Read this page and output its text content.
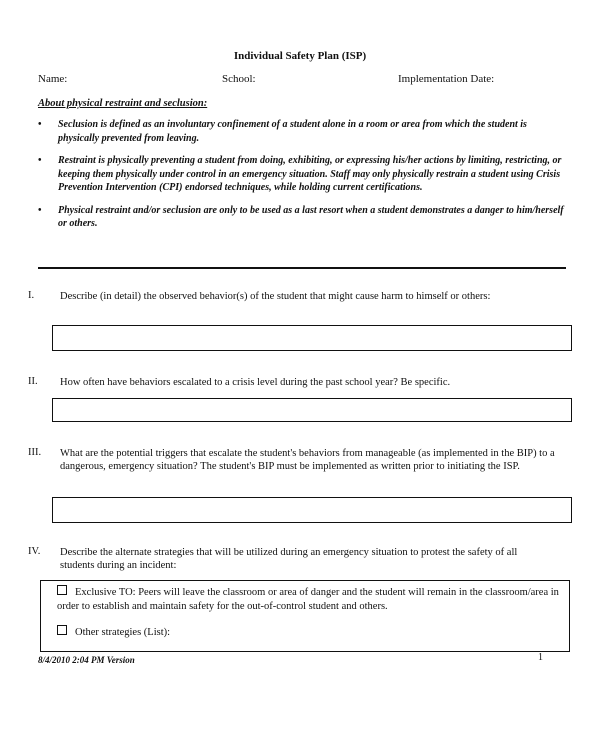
Individual Safety Plan (ISP)
Name:	School:	Implementation Date:
About physical restraint and seclusion:
• Seclusion is defined as an involuntary confinement of a student alone in a room or area from which the student is physically prevented from leaving.
• Restraint is physically preventing a student from doing, exhibiting, or expressing his/her actions by limiting, restricting, or keeping them physically under control in an emergency situation. Staff may only physically restrain a student using Crisis Prevention Intervention (CPI) endorsed techniques, while holding current certifications.
• Physical restraint and/or seclusion are only to be used as a last resort when a student demonstrates a danger to him/herself or others.
I. Describe (in detail) the observed behavior(s) of the student that might cause harm to himself or others:
II. How often have behaviors escalated to a crisis level during the past school year? Be specific.
III. What are the potential triggers that escalate the student's behaviors from manageable (as implemented in the BIP) to a dangerous, emergency situation? The student's BIP must be implemented as written prior to initiating the ISP.
IV. Describe the alternate strategies that will be utilized during an emergency situation to protest the safety of all students during an incident:
Exclusive TO: Peers will leave the classroom or area of danger and the student will remain in the classroom/area in order to establish and maintain safety for the out-of-control student and others.
Other strategies (List):
8/4/2010 2:04 PM Version	1
